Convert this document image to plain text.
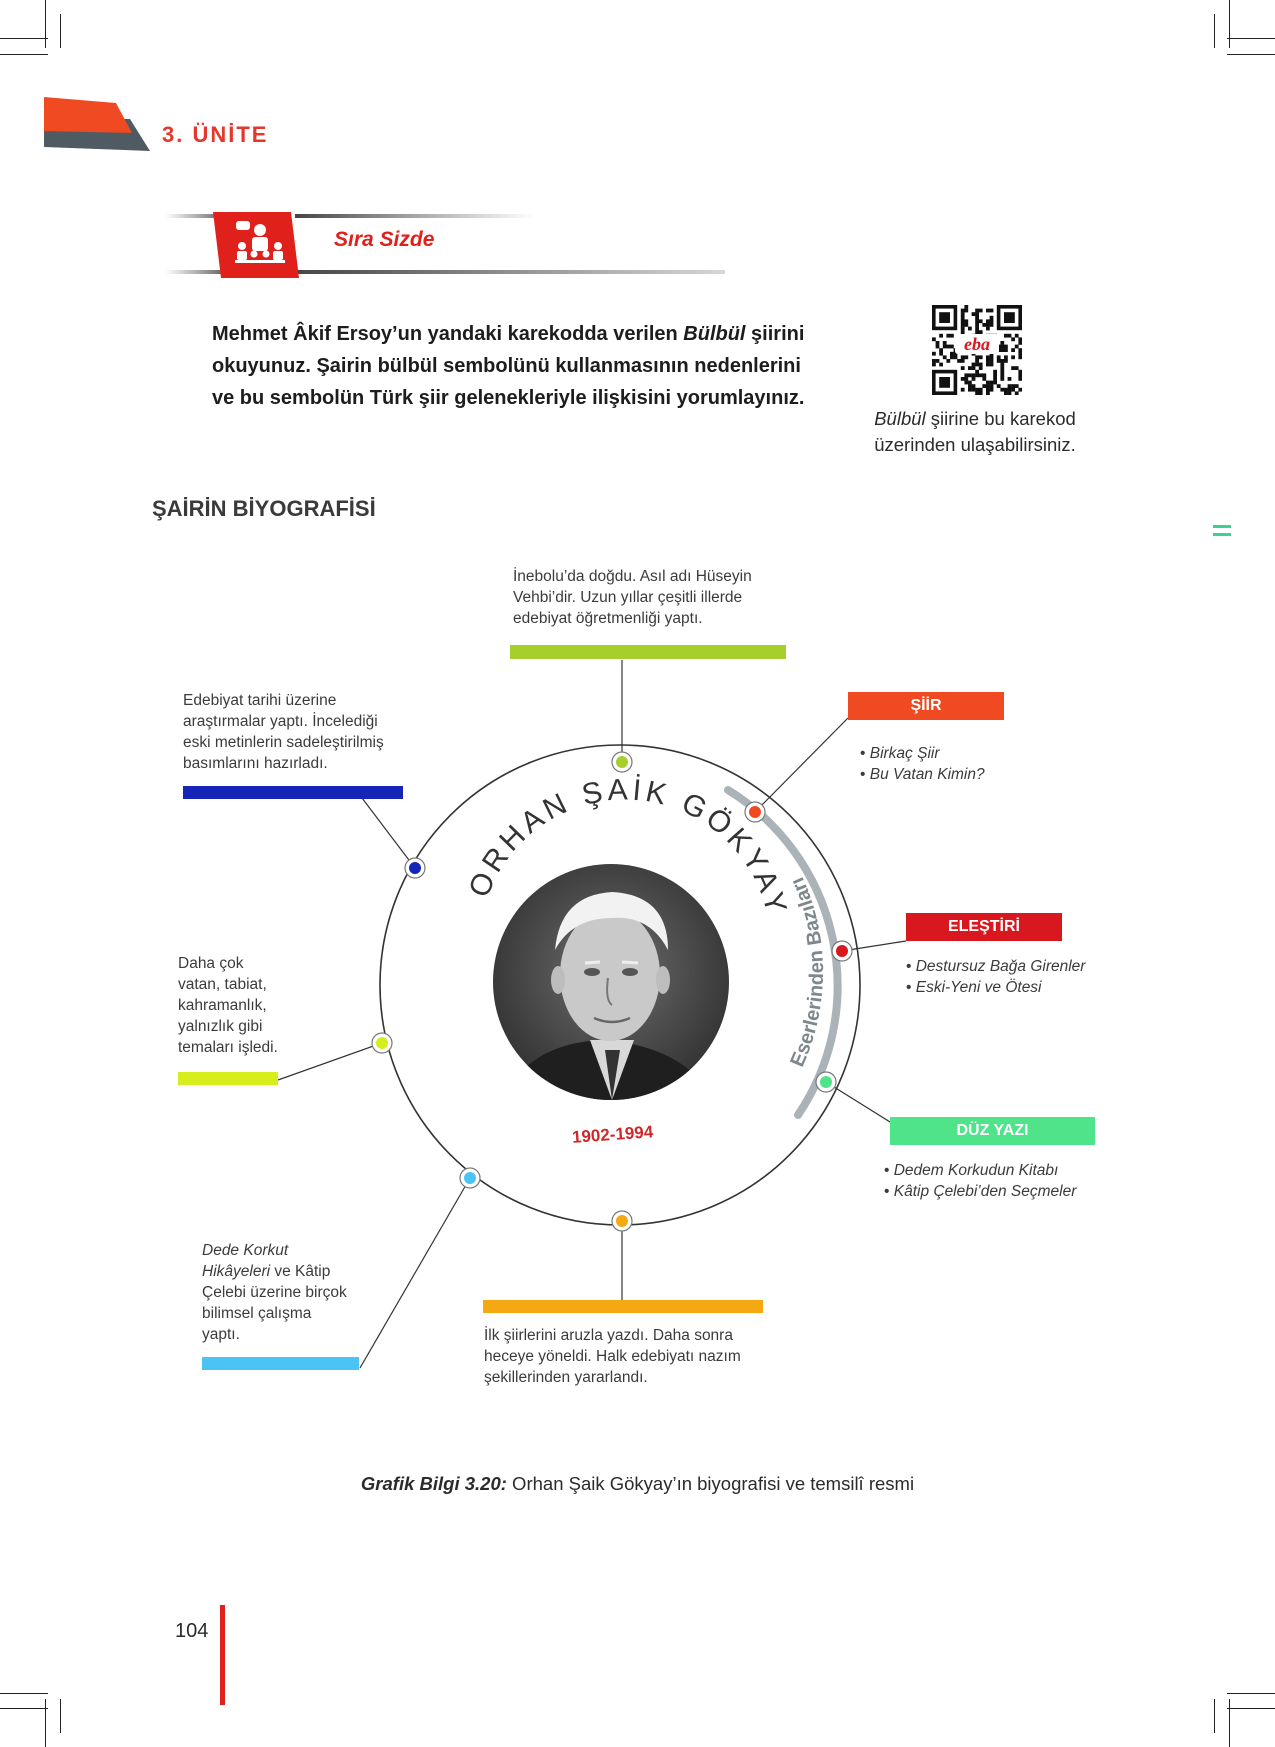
3. ÜNİTE
Sıra Sizde
Mehmet Âkif Ersoy’un yandaki karekodda verilen Bülbül şiirini
okuyunuz. Şairin bülbül sembolünü kullanmasının nedenlerini
ve bu sembolün Türk şiir gelenekleriyle ilişkisini yorumlayınız.
eba
Bülbül şiirine bu karekod
üzerinden ulaşabilirsiniz.
ŞAİRİN BİYOGRAFİSİ
ORHAN ŞAİK GÖKYAY
Eserlerinden Bazıları
1902-1994
İnebolu’da doğdu. Asıl adı Hüseyin
Vehbi’dir. Uzun yıllar çeşitli illerde
edebiyat öğretmenliği yaptı.
Edebiyat tarihi üzerine
araştırmalar yaptı. İncelediği
eski metinlerin sadeleştirilmiş
basımlarını hazırladı.
Daha çok
vatan, tabiat,
kahramanlık,
yalnızlık gibi
temaları işledi.
Dede Korkut
Hikâyeleri ve Kâtip
Çelebi üzerine birçok
bilimsel çalışma
yaptı.	İlk şiirlerini aruzla yazdı. Daha sonra
heceye yöneldi. Halk edebiyatı nazım
şekillerinden yararlandı.
ŞİİR
• Birkaç Şiir
• Bu Vatan Kimin?
ELEŞTİRİ
• Destursuz Bağa Girenler
• Eski-Yeni ve Ötesi
DÜZ YAZI
• Dedem Korkudun Kitabı
• Kâtip Çelebi’den Seçmeler
Grafik Bilgi 3.20: Orhan Şaik Gökyay’ın biyografisi ve temsilî resmi
104
